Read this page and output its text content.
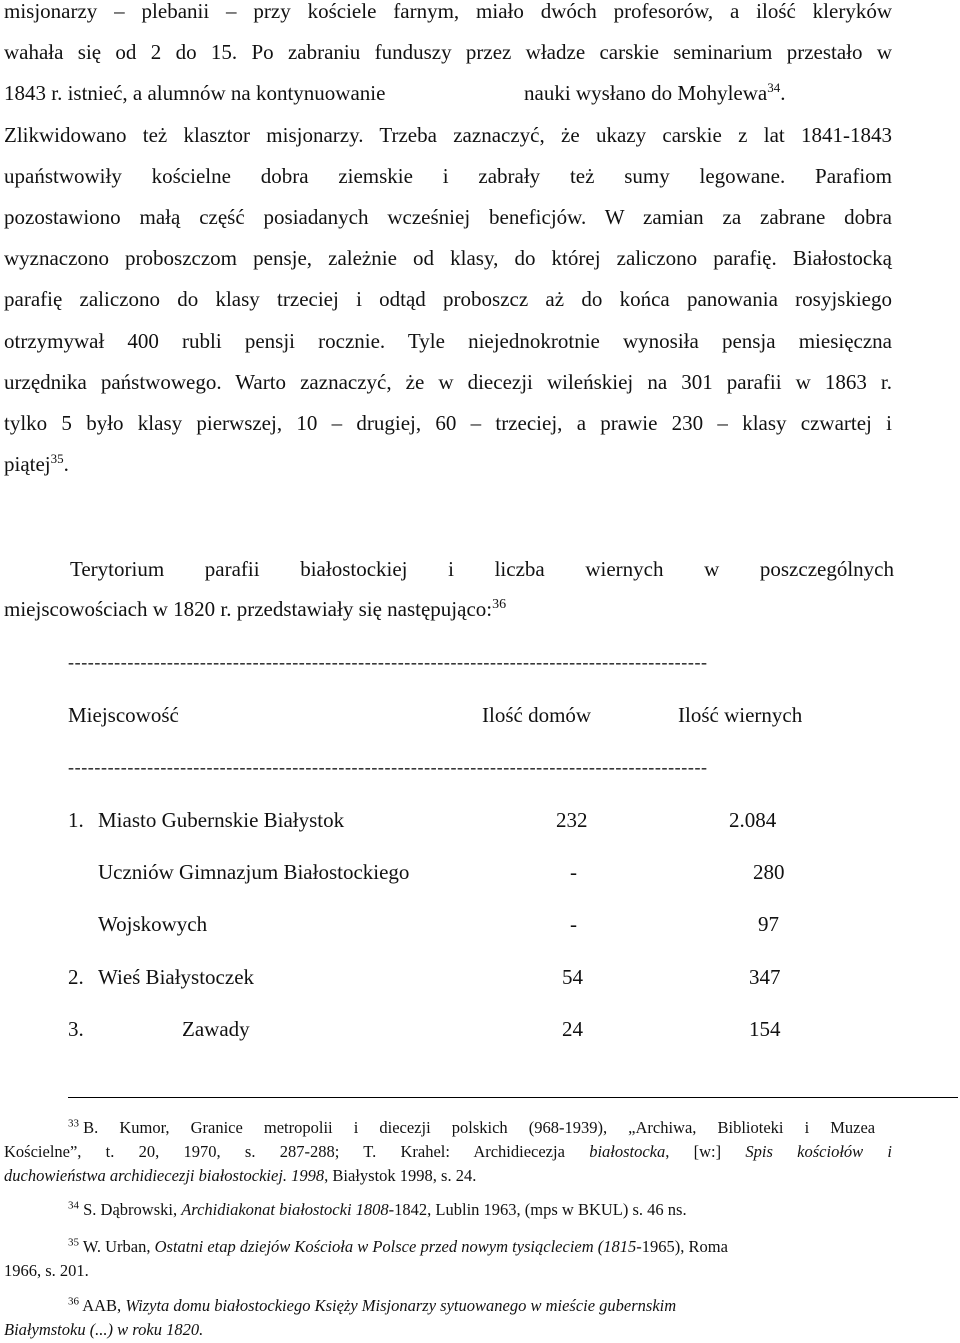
misjonarzy – plebanii – przy kościele farnym, miało dwóch profesorów, a ilość kleryków
wahała się od 2 do 15. Po zabraniu funduszy przez władze carskie seminarium przestało w
1843 r. istnieć, a alumnów na kontynuowanie	nauki wysłano do Mohylewa$^{34}$.
Zlikwidowano też klasztor misjonarzy. Trzeba zaznaczyć, że ukazy carskie z lat 1841-1843
upaństwowiły kościelne dobra ziemskie i zabrały też sumy legowane. Parafiom
pozostawiono małą część posiadanych wcześniej beneficjów. W zamian za zabrane dobra
wyznaczono proboszczom pensje, zależnie od klasy, do której zaliczono parafię. Białostocką
parafię zaliczono do klasy trzeciej i odtąd proboszcz aż do końca panowania rosyjskiego
otrzymywał 400 rubli pensji rocznie. Tyle niejednokrotnie wynosiła pensja miesięczna
urzędnika państwowego. Warto zaznaczyć, że w diecezji wileńskiej na 301 parafii w 1863 r.
tylko 5 było klasy pierwszej, 10 – drugiej, 60 – trzeciej, a prawie 230 – klasy czwartej i
piątej$^{35}$.
Terytorium parafii białostockiej i liczba wiernych w poszczególnych
miejscowościach w 1820 r. przedstawiały się następująco:$^{36}$
-------------------------------------------------------------------------------------------------
Miejscowość	Ilość domów	Ilość wiernych
-------------------------------------------------------------------------------------------------
1. Miasto Gubernskie Białystok	232	2.084
Uczniów Gimnazjum Białostockiego	-	280
Wojskowych	-	97
2. Wieś Białystoczek	54	347
3.	Zawady	24	154
$^{33}$ B. Kumor, Granice metropolii i diecezji polskich (968-1939), „Archiwa, Biblioteki i Muzea
Kościelne”, t. 20, 1970, s. 287-288; T. Krahel: Archidiecezja białostocka, [w:] Spis kościołów i
duchowieństwa archidiecezji białostockiej. 1998, Białystok 1998, s. 24.
$^{34}$ S. Dąbrowski, Archidiakonat białostocki 1808-1842, Lublin 1963, (mps w BKUL) s. 46 ns.
$^{35}$ W. Urban, Ostatni etap dziejów Kościoła w Polsce przed nowym tysiącleciem (1815-1965), Roma
1966, s. 201.
$^{36}$ AAB, Wizyta domu białostockiego Księży Misjonarzy sytuowanego w mieście gubernskim
Białymstoku (...) w roku 1820.
